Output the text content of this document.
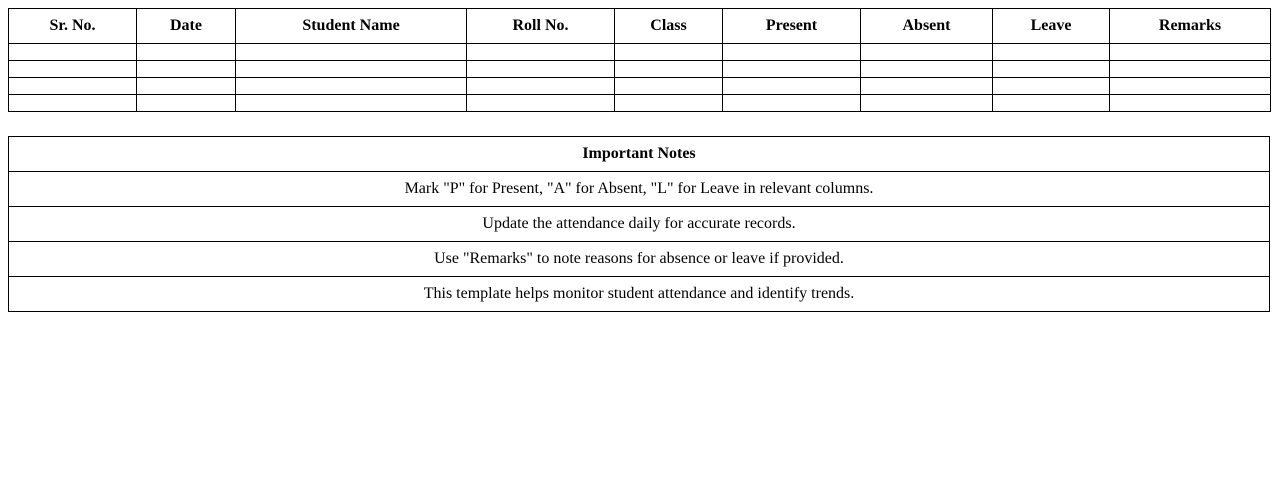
Sr. No.	Date	Student Name	Roll No.	Class	Present	Absent	Leave	Remarks

Important Notes
Mark "P" for Present, "A" for Absent, "L" for Leave in relevant columns.
Update the attendance daily for accurate records.
Use "Remarks" to note reasons for absence or leave if provided.
This template helps monitor student attendance and identify trends.
